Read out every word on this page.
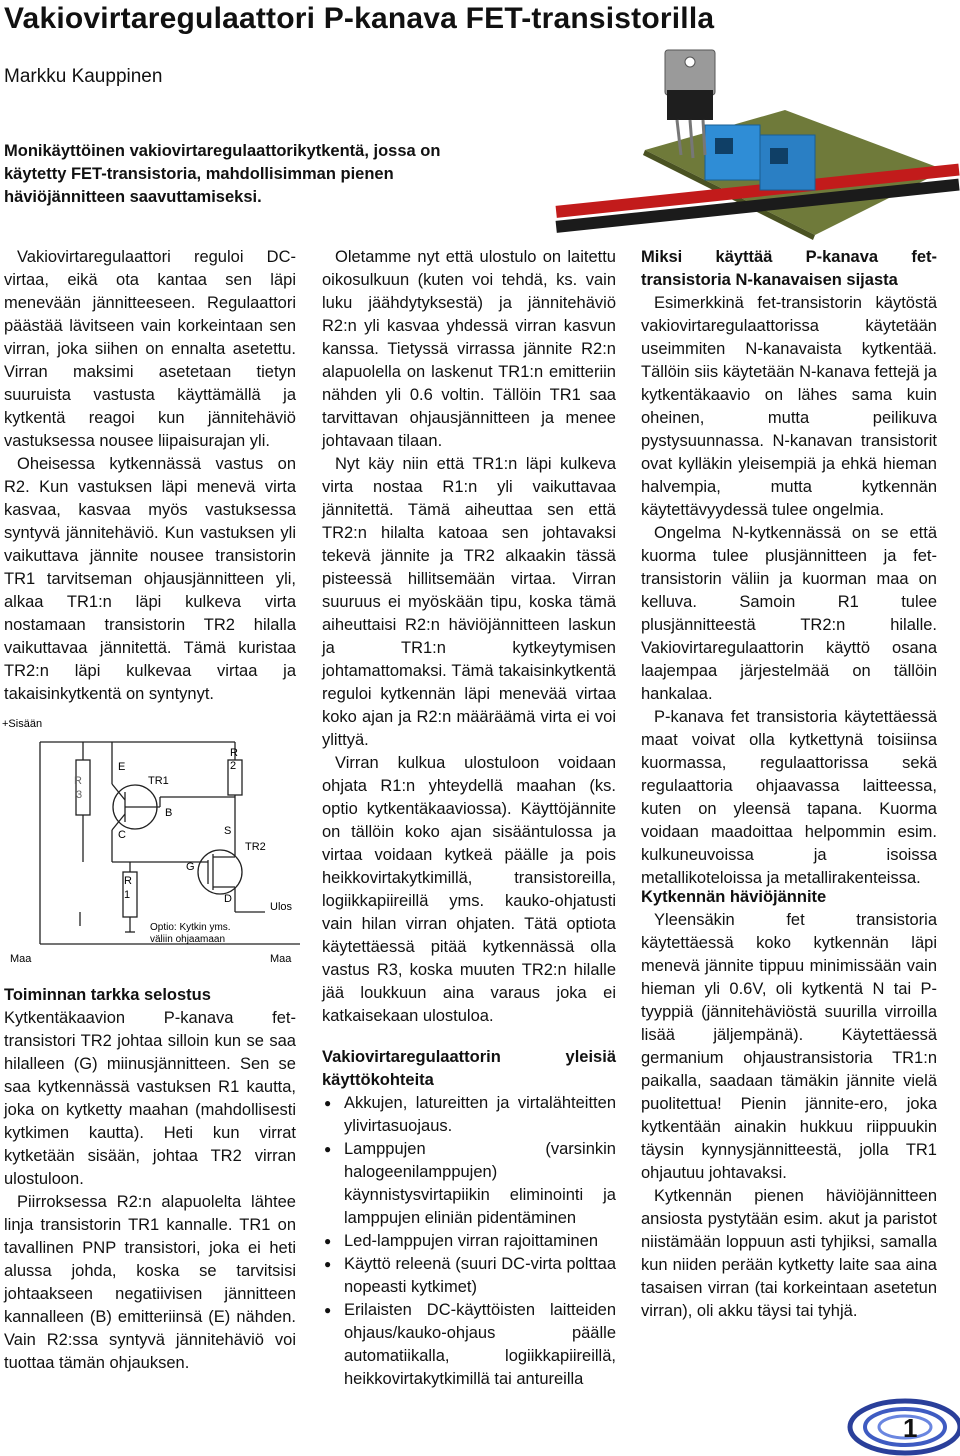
Vakiovirtaregulaattori P-kanava FET-transistorilla
Markku Kauppinen
Monikäyttöinen vakiovirtaregulaattorikytkentä, jossa on käytetty FET-transistoria, mahdollisimman pienen häviöjännitteen saavuttamiseksi.

Vakiovirtaregulaattori reguloi DC-virtaa, eikä ota kantaa sen läpi menevään jännitteeseen. Regulaattori päästää lävitseen vain korkeintaan sen virran, joka siihen on ennalta asetettu. Virran maksimi asetetaan tietyn suuruista vastusta käyttämällä ja kytkentä reagoi kun jännitehäviö vastuksessa nousee liipaisurajan yli.

Oheisessa kytkennässä vastus on R2. Kun vastuksen läpi menevä virta kasvaa, kasvaa myös vastuksessa syntyvä jännitehäviö. Kun vastuksen yli vaikuttava jännite nousee transistorin TR1 tarvitseman ohjausjännitteen yli, alkaa TR1:n läpi kulkeva virta nostamaan transistorin TR2 hilalla vaikuttavaa jännitettä. Tämä kuristaa TR2:n läpi kulkevaa virtaa ja takaisinkytkentä on syntynyt.

+Sisään
Maa	Maa
Ulos
R
3
R
2
R
1
TR1
TR2
E
B
C
G
S
D
Optio: Kytkin yms.
väliin ohjaamaan
Toiminnan tarkka selostus

Kytkentäkaavion P-kanava fet-transistori TR2 johtaa silloin kun se saa hilalleen (G) miinusjännitteen. Sen se saa kytkennässä vastuksen R1 kautta, joka on kytketty maahan (mahdollisesti kytkimen kautta). Heti kun virrat kytketään sisään, johtaa TR2 virran ulostuloon.

Piirroksessa R2:n alapuolelta lähtee linja transistorin TR1 kannalle. TR1 on tavallinen PNP transistori, joka ei heti alussa johda, koska se tarvitsisi johtaakseen negatiivisen jännitteen kannalleen (B) emitteriinsä (E) nähden. Vain R2:ssa syntyvä jännitehäviö voi tuottaa tämän ohjauksen.

Oletamme nyt että ulostulo on laitettu oikosulkuun (kuten voi tehdä, ks. vain luku jäähdytyksestä) ja jännitehäviö R2:n yli kasvaa yhdessä virran kasvun kanssa. Tietyssä virrassa jännite R2:n alapuolella on laskenut TR1:n emitteriin nähden yli 0.6 voltin. Tällöin TR1 saa tarvittavan ohjausjännitteen ja menee johtavaan tilaan.

Nyt käy niin että TR1:n läpi kulkeva virta nostaa R1:n yli vaikuttavaa jännitettä. Tämä aiheuttaa sen että TR2:n hilalta katoaa sen johtavaksi tekevä jännite ja TR2 alkaakin tässä pisteessä hillitsemään virtaa. Virran suuruus ei myöskään tipu, koska tämä aiheuttaisi R2:n häviöjännitteen laskun ja TR1:n kytkeytymisen johtamattomaksi. Tämä takaisinkytkentä reguloi kytkennän läpi menevää virtaa koko ajan ja R2:n määräämä virta ei voi ylittyä.

Virran kulkua ulostuloon voidaan ohjata R1:n yhteydellä maahan (ks. optio kytkentäkaaviossa). Käyttöjännite on tällöin koko ajan sisääntulossa ja virtaa voidaan kytkeä päälle ja pois heikkovirtakytkimillä, transistoreilla, logiikkapiireillä yms. kauko-ohjatusti vain hilan virran ohjaten. Tätä optiota käytettäessä pitää kytkennässä olla vastus R3, koska muuten TR2:n hilalle jää loukkuun aina varaus joka ei katkaisekaan ulostuloa.

Vakiovirtaregulaattorin yleisiä käyttökohteita
● Akkujen, latureitten ja virtalähteitten ylivirtasuojaus.
● Lamppujen (varsinkin halogeenilamppujen) käynnistysvirtapiikin eliminointi ja lamppujen eliniän pidentäminen
● Led-lamppujen virran rajoittaminen
● Käyttö releenä (suuri DC-virta polttaa nopeasti kytkimet)
● Erilaisten DC-käyttöisten laitteiden ohjaus/kauko-ohjaus päälle automatiikalla, logiikkapiireillä, heikkovirtakytkimillä tai antureilla
Miksi käyttää P-kanava fet-transistoria N-kanavaisen sijasta

Esimerkkinä fet-transistorin käytöstä vakiovirtaregulaattorissa käytetään useimmiten N-kanavaista kytkentää. Tällöin siis käytetään N-kanava fettejä ja kytkentäkaavio on lähes sama kuin oheinen, mutta peilikuva pystysuunnassa. N-kanavan transistorit ovat kylläkin yleisempiä ja ehkä hieman halvempia, mutta kytkennän käytettävyydessä tulee ongelmia.

Ongelma N-kytkennässä on se että kuorma tulee plusjännitteen ja fet-transistorin väliin ja kuorman maa on kelluva. Samoin R1 tulee plusjännitteestä TR2:n hilalle. Vakiovirtaregulaattorin käyttö osana laajempaa järjestelmää on tällöin hankalaa.

P-kanava fet transistoria käytettäessä maat voivat olla kytkettynä toisiinsa kuormassa, regulaattorissa sekä regulaattoria ohjaavassa laitteessa, kuten on yleensä tapana. Kuorma voidaan maadoittaa helpommin esim. kulkuneuvoissa ja isoissa metallikoteloissa ja metallirakenteissa.

Kytkennän häviöjännite

Yleensäkin fet transistoria käytettäessä koko kytkennän läpi menevä jännite tippuu minimissään vain hieman yli 0.6V, oli kytkentä N tai P-tyyppiä (jännitehäviöstä suurilla virroilla lisää jäljempänä). Käytettäessä germanium ohjaustransistoria TR1:n paikalla, saadaan tämäkin jännite vielä puolitettua! Pienin jännite-ero, joka kytkentään ainakin hukkuu riippuukin täysin kynnysjännitteestä, jolla TR1 ohjautuu johtavaksi.

Kytkennän pienen häviöjännitteen ansiosta pystytään esim. akut ja paristot niistämään loppuun asti tyhjiksi, samalla kun niiden perään kytketty laite saa aina tasaisen virran (tai korkeintaan asetetun virran), oli akku täysi tai tyhjä.

1
